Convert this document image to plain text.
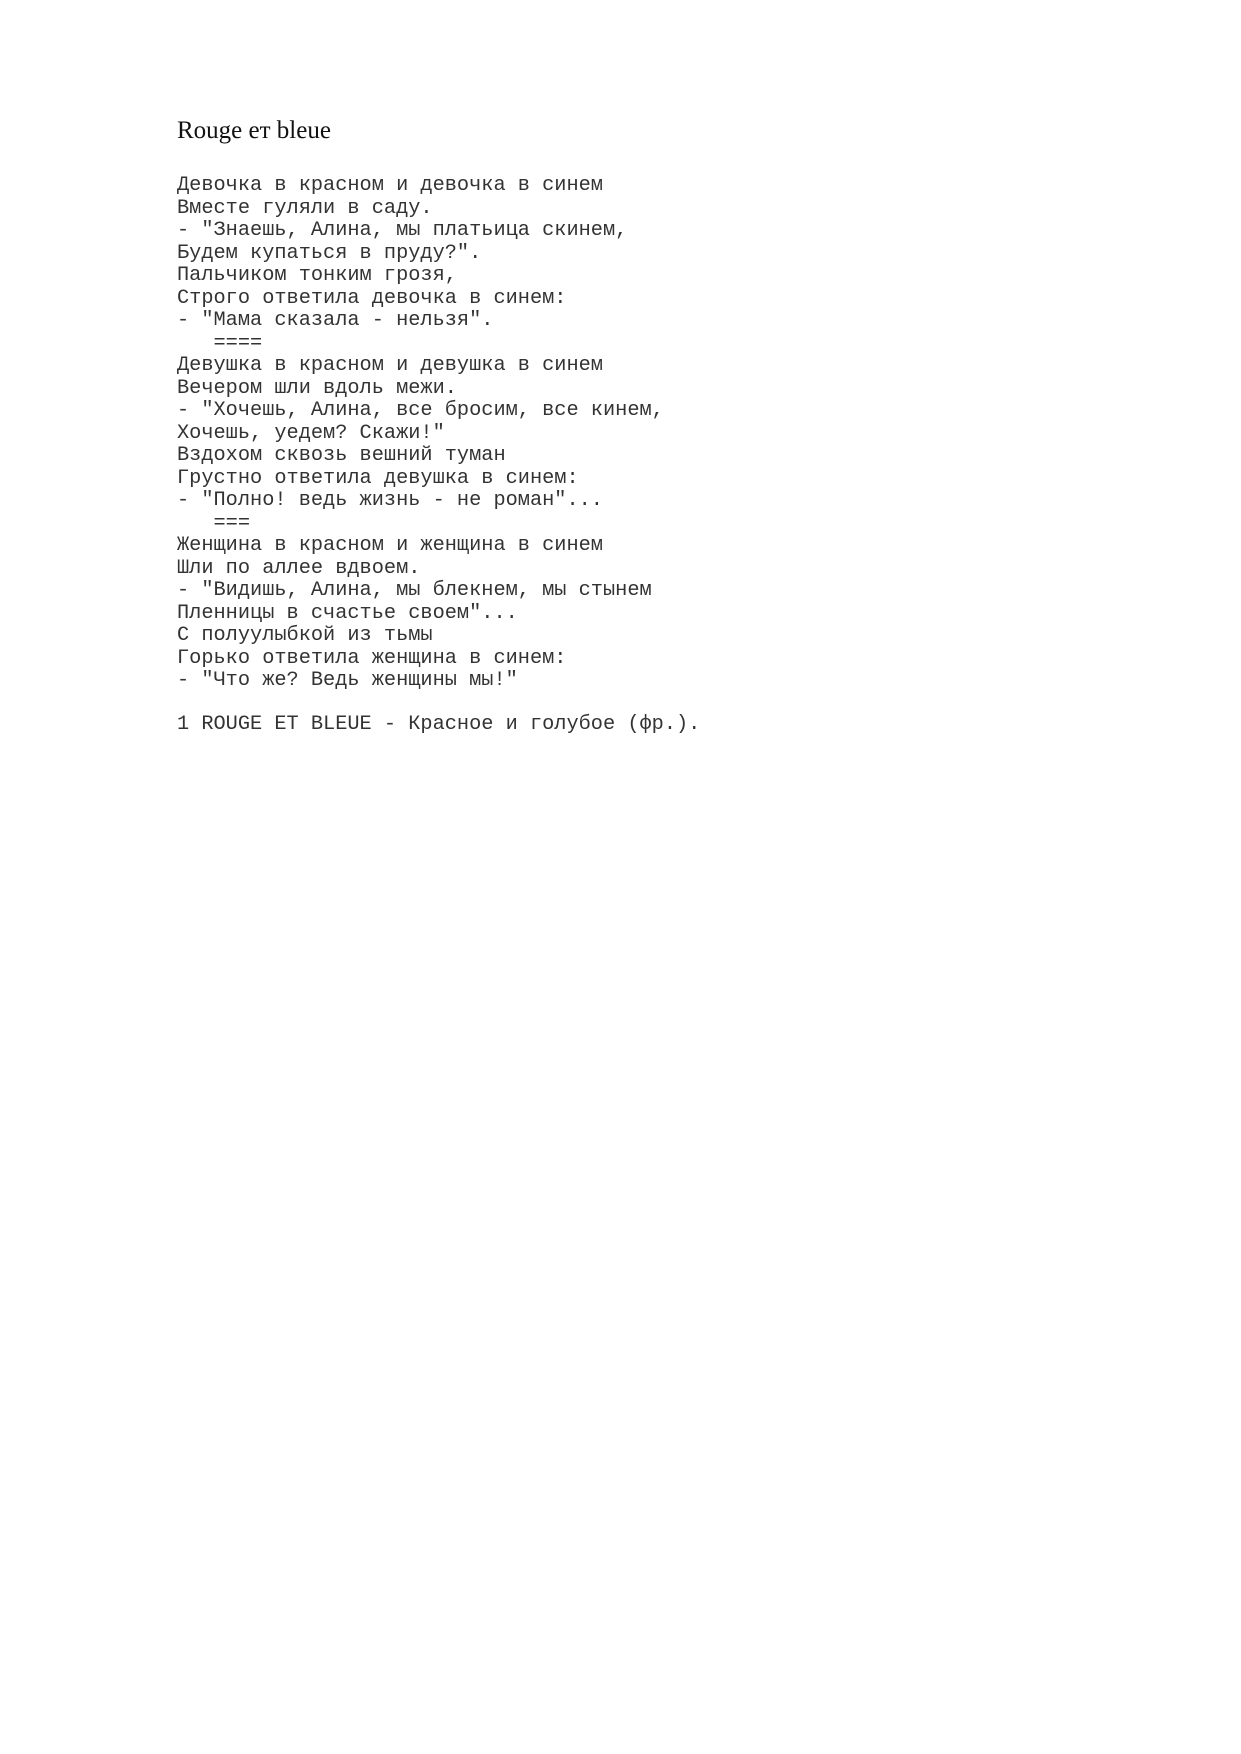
Rouge ет bleue
Девочка в красном и девочка в синем
Вместе гуляли в саду.
- "Знаешь, Алина, мы платьица скинем,
Будем купаться в пруду?".
Пальчиком тонким грозя,
Строго ответила девочка в синем:
- "Мама сказала - нельзя".
====
Девушка в красном и девушка в синем
Вечером шли вдоль межи.
- "Хочешь, Алина, все бросим, все кинем,
Хочешь, уедем? Скажи!"
Вздохом сквозь вешний туман
Грустно ответила девушка в синем:
- "Полно! ведь жизнь - не роман"...
===
Женщина в красном и женщина в синем
Шли по аллее вдвоем.
- "Видишь, Алина, мы блекнем, мы стынем
Пленницы в счастье своем"...
С полуулыбкой из тьмы
Горько ответила женщина в синем:
- "Что же? Ведь женщины мы!"

1 ROUGE ET BLEUE - Красное и голубое (фр.).
